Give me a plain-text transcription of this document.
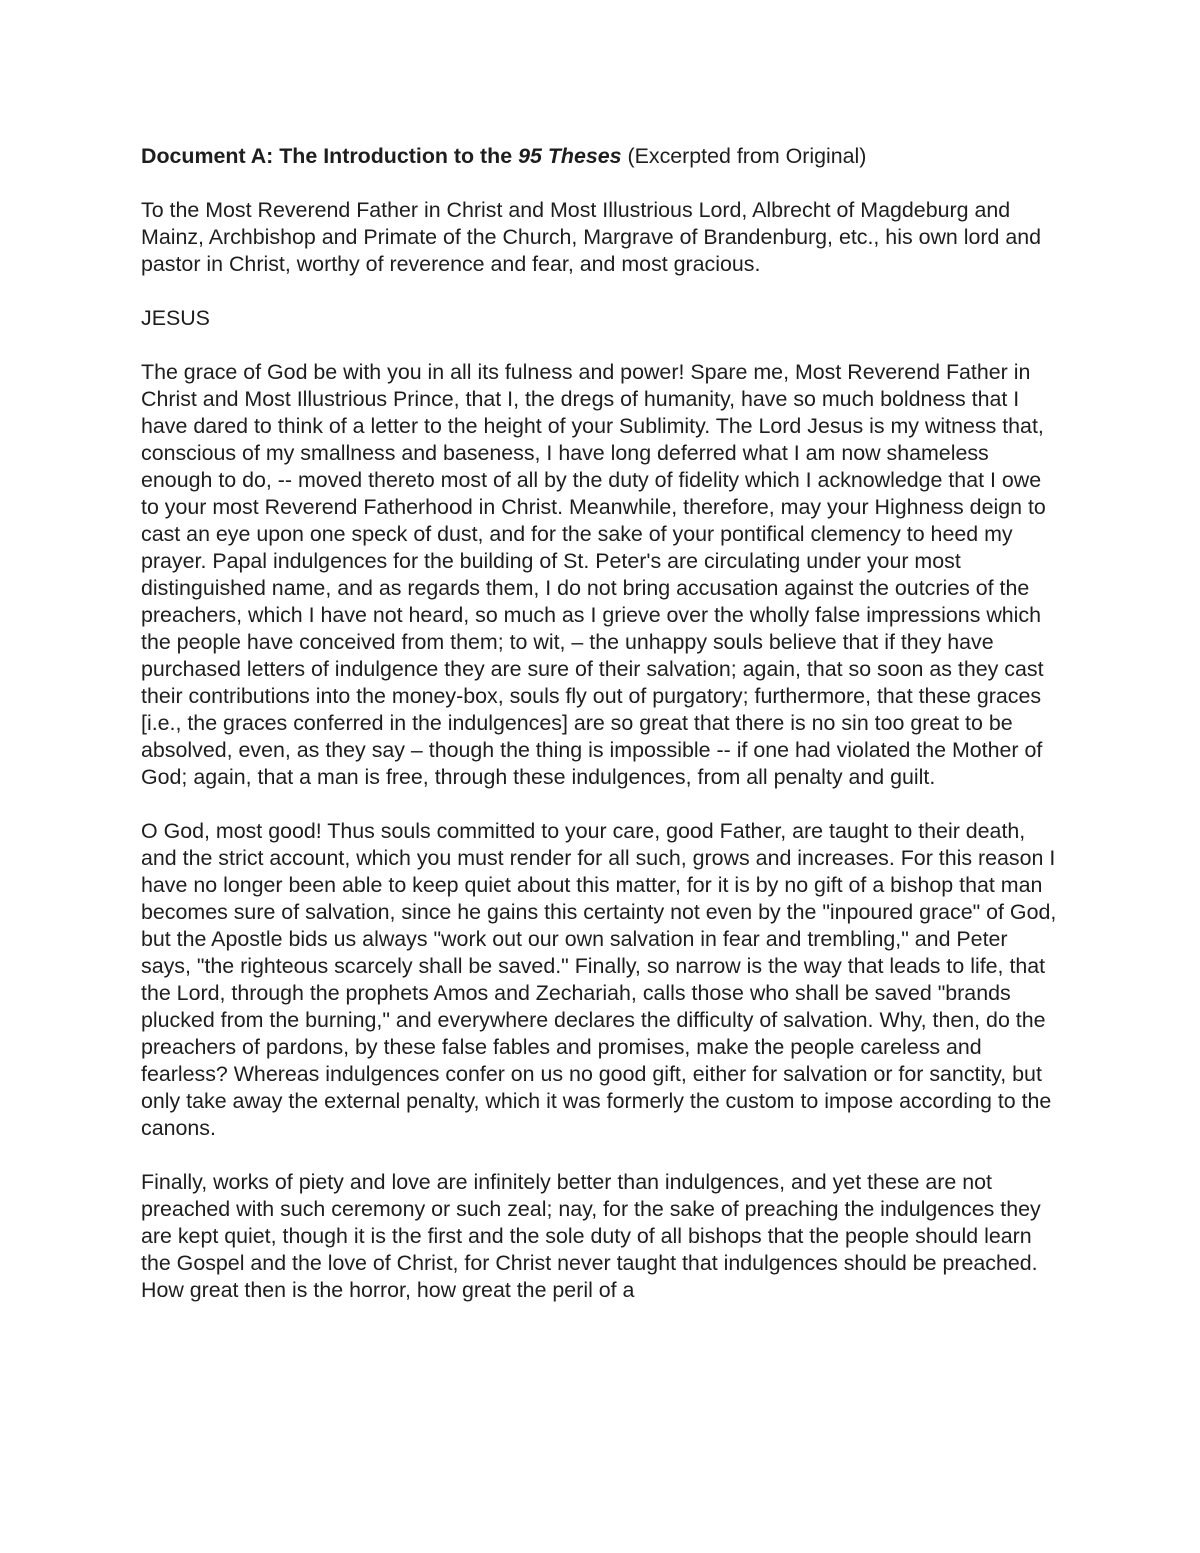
Document A: The Introduction to the 95 Theses (Excerpted from Original)

To the Most Reverend Father in Christ and Most Illustrious Lord, Albrecht of Magdeburg and Mainz, Archbishop and Primate of the Church, Margrave of Brandenburg, etc., his own lord and pastor in Christ, worthy of reverence and fear, and most gracious.

JESUS

The grace of God be with you in all its fulness and power! Spare me, Most Reverend Father in Christ and Most Illustrious Prince, that I, the dregs of humanity, have so much boldness that I have dared to think of a letter to the height of your Sublimity. The Lord Jesus is my witness that, conscious of my smallness and baseness, I have long deferred what I am now shameless enough to do, -- moved thereto most of all by the duty of fidelity which I acknowledge that I owe to your most Reverend Fatherhood in Christ. Meanwhile, therefore, may your Highness deign to cast an eye upon one speck of dust, and for the sake of your pontifical clemency to heed my prayer. Papal indulgences for the building of St. Peter's are circulating under your most distinguished name, and as regards them, I do not bring accusation against the outcries of the preachers, which I have not heard, so much as I grieve over the wholly false impressions which the people have conceived from them; to wit, – the unhappy souls believe that if they have purchased letters of indulgence they are sure of their salvation; again, that so soon as they cast their contributions into the money-box, souls fly out of purgatory; furthermore, that these graces [i.e., the graces conferred in the indulgences] are so great that there is no sin too great to be absolved, even, as they say – though the thing is impossible -- if one had violated the Mother of God; again, that a man is free, through these indulgences, from all penalty and guilt.

O God, most good! Thus souls committed to your care, good Father, are taught to their death, and the strict account, which you must render for all such, grows and increases. For this reason I have no longer been able to keep quiet about this matter, for it is by no gift of a bishop that man becomes sure of salvation, since he gains this certainty not even by the "inpoured grace" of God, but the Apostle bids us always "work out our own salvation in fear and trembling," and Peter says, "the righteous scarcely shall be saved." Finally, so narrow is the way that leads to life, that the Lord, through the prophets Amos and Zechariah, calls those who shall be saved "brands plucked from the burning," and everywhere declares the difficulty of salvation. Why, then, do the preachers of pardons, by these false fables and promises, make the people careless and fearless? Whereas indulgences confer on us no good gift, either for salvation or for sanctity, but only take away the external penalty, which it was formerly the custom to impose according to the canons.

Finally, works of piety and love are infinitely better than indulgences, and yet these are not preached with such ceremony or such zeal; nay, for the sake of preaching the indulgences they are kept quiet, though it is the first and the sole duty of all bishops that the people should learn the Gospel and the love of Christ, for Christ never taught that indulgences should be preached. How great then is the horror, how great the peril of a
